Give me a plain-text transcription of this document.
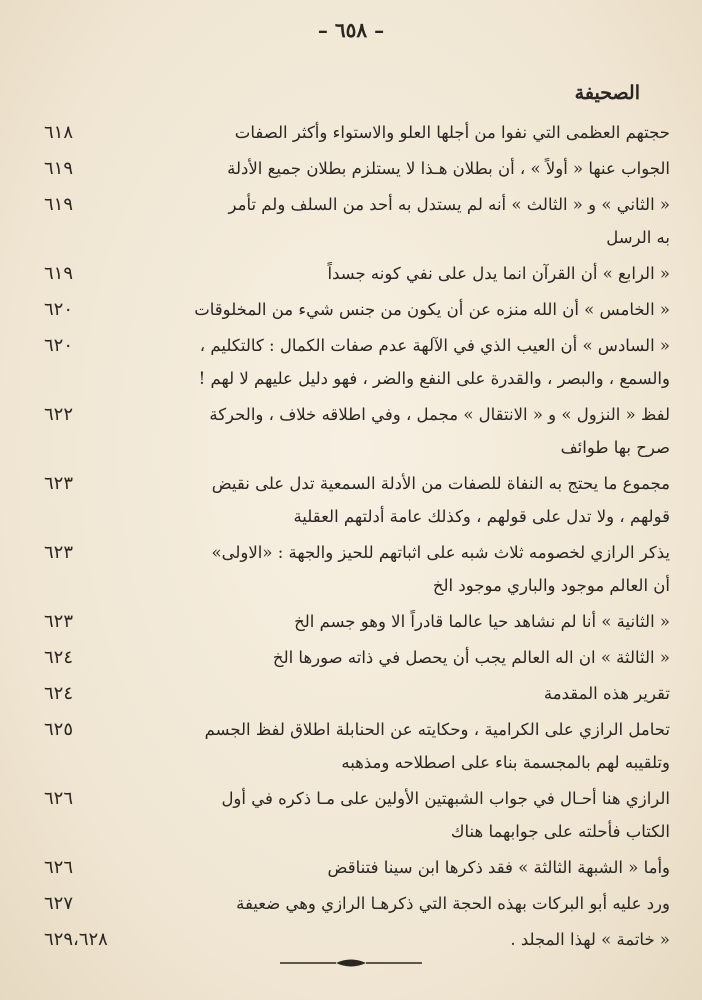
– ٦٥٨ –
الصحيفة
٦١٨	حجتهم العظمى التي نفوا من أجلها العلو والاستواء وأكثر الصفات
٦١٩	الجواب عنها « أولاً » ، أن بطلان هـذا لا يستلزم بطلان جميع الأدلة
٦١٩	« الثاني » و « الثالث » أنه لم يستدل به أحد من السلف ولم تأمر
به الرسل
٦١٩	« الرابع » أن القرآن انما يدل على نفي كونه جسداً
٦٢٠	« الخامس » أن الله منزه عن أن يكون من جنس شيء من المخلوقات
٦٢٠	« السادس » أن العيب الذي في الآلهة عدم صفات الكمال : كالتكليم ،
والسمع ، والبصر ، والقدرة على النفع والضر ، فهو دليل عليهم لا لهم !
٦٢٢	لفظ « النزول » و « الانتقال » مجمل ، وفي اطلاقه خلاف ، والحركة
صرح بها طوائف
٦٢٣	مجموع ما يحتج به النفاة للصفات من الأدلة السمعية تدل على نقيض
قولهم ، ولا تدل على قولهم ، وكذلك عامة أدلتهم العقلية
٦٢٣	يذكر الرازي لخصومه ثلاث شبه على اثباتهم للحيز والجهة : «الاولى»
أن العالم موجود والباري موجود الخ
٦٢٣	« الثانية » أنا لم نشاهد حيا عالما قادراً الا وهو جسم الخ
٦٢٤	« الثالثة » ان اله العالم يجب أن يحصل في ذاته صورها الخ
٦٢٤	تقرير هذه المقدمة
٦٢٥	تحامل الرازي على الكرامية ، وحكايته عن الحنابلة اطلاق لفظ الجسم
وتلقيبه لهم بالمجسمة بناء على اصطلاحه ومذهبه
٦٢٦	الرازي هنا أحـال في جواب الشبهتين الأولين على مـا ذكره في أول
الكتاب فأحلته على جوابهما هناك
٦٢٦	وأما « الشبهة الثالثة » فقد ذكرها ابن سينا فتناقض
٦٢٧	ورد عليه أبو البركات بهذه الحجة التي ذكرهـا الرازي وهي ضعيفة
٦٢٩،٦٢٨	« خاتمة » لهذا المجلد .
